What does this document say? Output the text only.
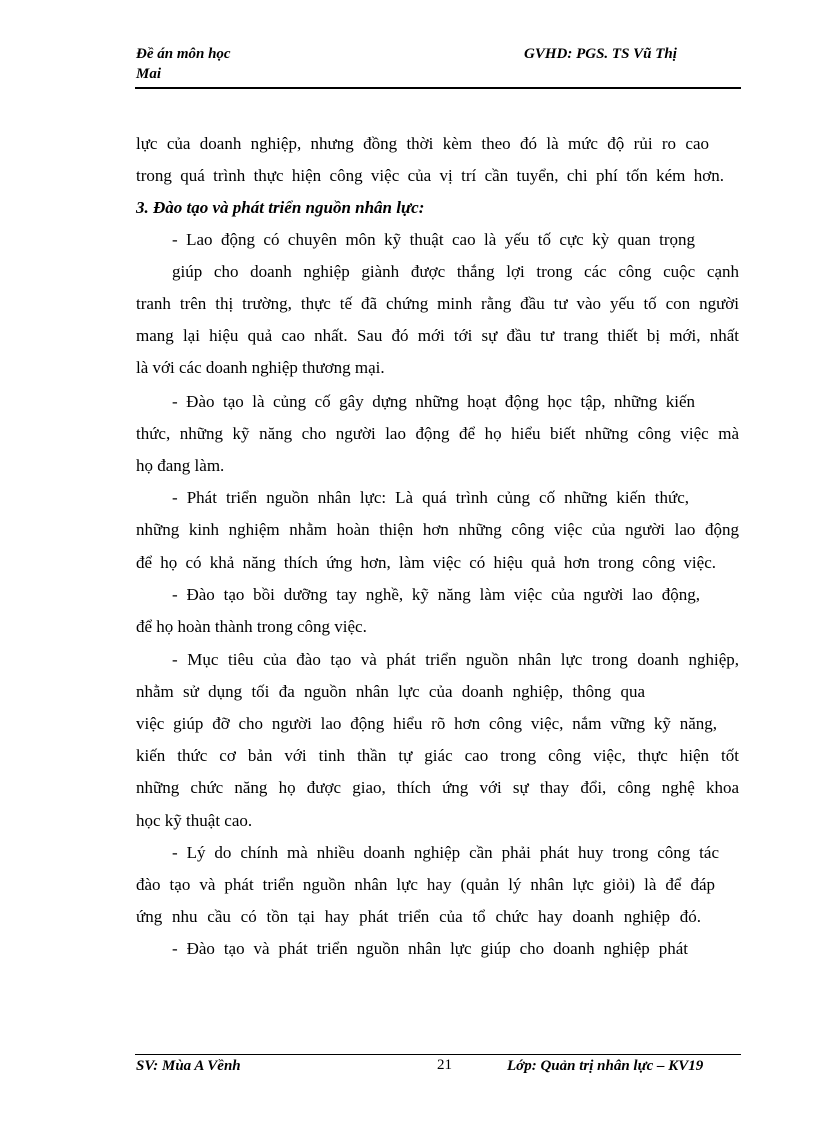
Đề án môn học
Mai
GVHD: PGS. TS Vũ Thị
lực của doanh nghiệp, nhưng đồng thời kèm theo đó là mức độ rủi ro cao
trong quá trình thực hiện công việc của vị trí cần tuyển, chi phí tốn kém hơn.
3. Đào tạo và phát triển nguồn nhân lực:
- Lao động có chuyên môn kỹ thuật cao là yếu tố cực kỳ quan trọng
giúp cho doanh nghiệp giành được thắng lợi trong các công cuộc cạnh
tranh trên thị trường, thực tế đã chứng minh rằng đầu tư vào yếu tố con người
mang lại hiệu quả cao nhất. Sau đó mới tới sự đầu tư trang thiết bị mới, nhất
là với các doanh nghiệp thương mại.
- Đào tạo là củng cố gây dựng những hoạt động học tập, những kiến
thức, những kỹ năng cho người lao động để họ hiểu biết những công việc mà
họ đang làm.
- Phát triển nguồn nhân lực: Là quá trình củng cố những kiến thức,
những kinh nghiệm nhằm hoàn thiện hơn những công việc của người lao động
để họ có khả năng thích ứng hơn, làm việc có hiệu quả hơn trong công việc.
- Đào tạo bồi dưỡng tay nghề, kỹ năng làm việc của người lao động,
để họ hoàn thành trong công việc.
- Mục tiêu của đào tạo và phát triển nguồn nhân lực trong doanh nghiệp,
nhằm sử dụng tối đa nguồn nhân lực của doanh nghiệp, thông qua
việc giúp đỡ cho người lao động hiểu rõ hơn công việc, nắm vững kỹ năng,
kiến thức cơ bản với tinh thần tự giác cao trong công việc, thực hiện tốt
những chức năng họ được giao, thích ứng với sự thay đổi, công nghệ khoa
học kỹ thuật cao.
- Lý do chính mà nhiều doanh nghiệp cần phải phát huy trong công tác
đào tạo và phát triển nguồn nhân lực hay (quản lý nhân lực giỏi) là để đáp
ứng nhu cầu có tồn tại hay phát triển của tổ chức hay doanh nghiệp đó.
- Đào tạo và phát triển nguồn nhân lực giúp cho doanh nghiệp phát
SV: Mùa A Vềnh	21	Lớp: Quản trị nhân lực – KV19
